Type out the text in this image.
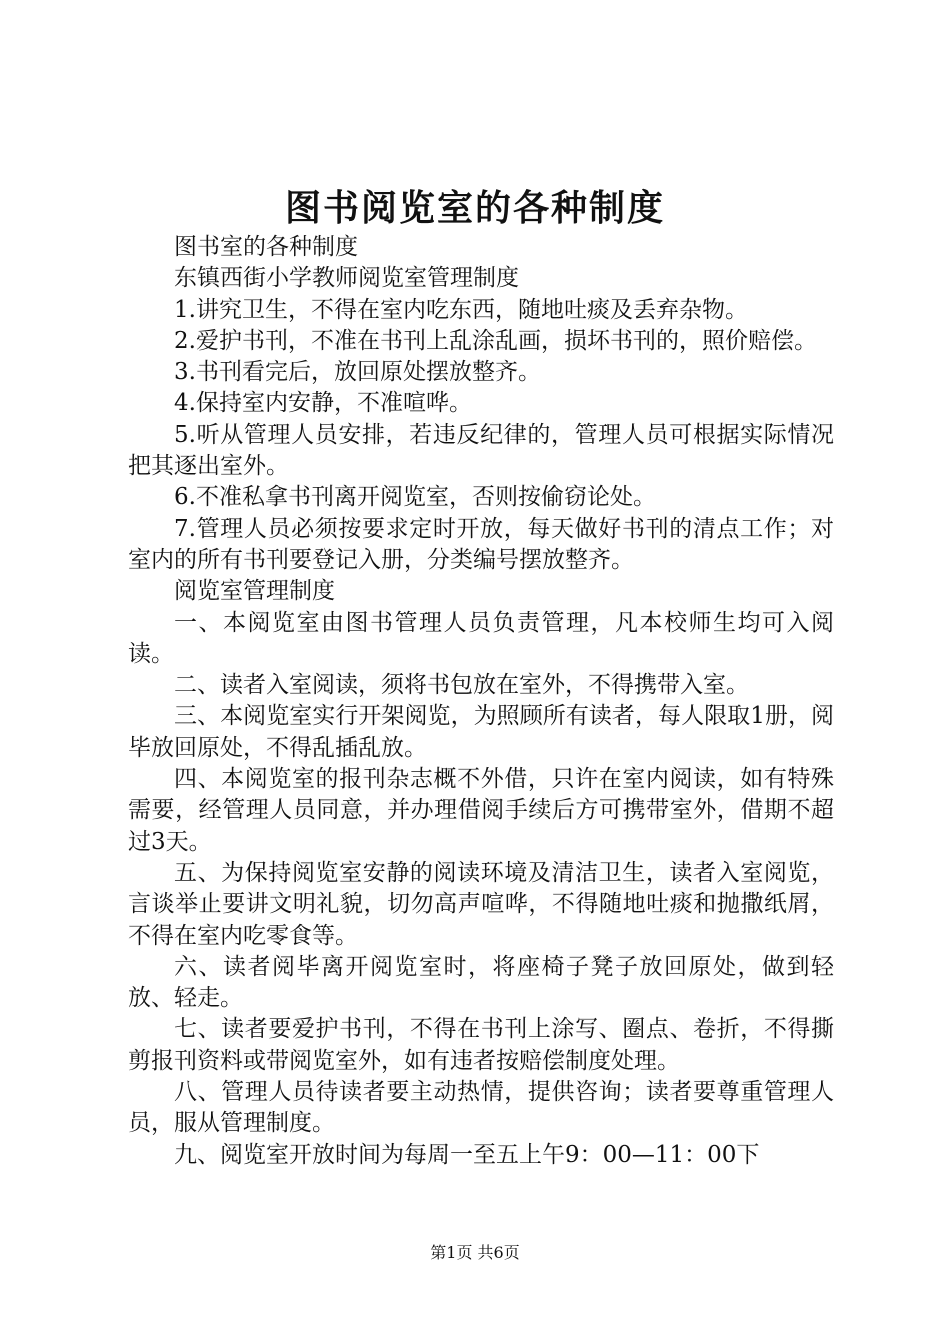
图书阅览室的各种制度

图书室的各种制度

东镇西街小学教师阅览室管理制度

1.讲究卫生，不得在室内吃东西，随地吐痰及丢弃杂物。

2.爱护书刊，不准在书刊上乱涂乱画，损坏书刊的，照价赔偿。

3.书刊看完后，放回原处摆放整齐。

4.保持室内安静，不准喧哗。

5.听从管理人员安排，若违反纪律的，管理人员可根据实际情况把其逐出室外。

6.不准私拿书刊离开阅览室，否则按偷窃论处。

7.管理人员必须按要求定时开放，每天做好书刊的清点工作；对室内的所有书刊要登记入册，分类编号摆放整齐。

阅览室管理制度

一、本阅览室由图书管理人员负责管理，凡本校师生均可入阅读。

二、读者入室阅读，须将书包放在室外，不得携带入室。

三、本阅览室实行开架阅览，为照顾所有读者，每人限取1册，阅毕放回原处，不得乱插乱放。

四、本阅览室的报刊杂志概不外借，只许在室内阅读，如有特殊需要，经管理人员同意，并办理借阅手续后方可携带室外，借期不超过3天。

五、为保持阅览室安静的阅读环境及清洁卫生，读者入室阅览，言谈举止要讲文明礼貌，切勿高声喧哗，不得随地吐痰和抛撒纸屑，不得在室内吃零食等。

六、读者阅毕离开阅览室时，将座椅子凳子放回原处，做到轻放、轻走。

七、读者要爱护书刊，不得在书刊上涂写、圈点、卷折，不得撕剪报刊资料或带阅览室外，如有违者按赔偿制度处理。

八、管理人员待读者要主动热情，提供咨询；读者要尊重管理人员，服从管理制度。

九、阅览室开放时间为每周一至五上午9：00—11：00下

第1页 共6页
